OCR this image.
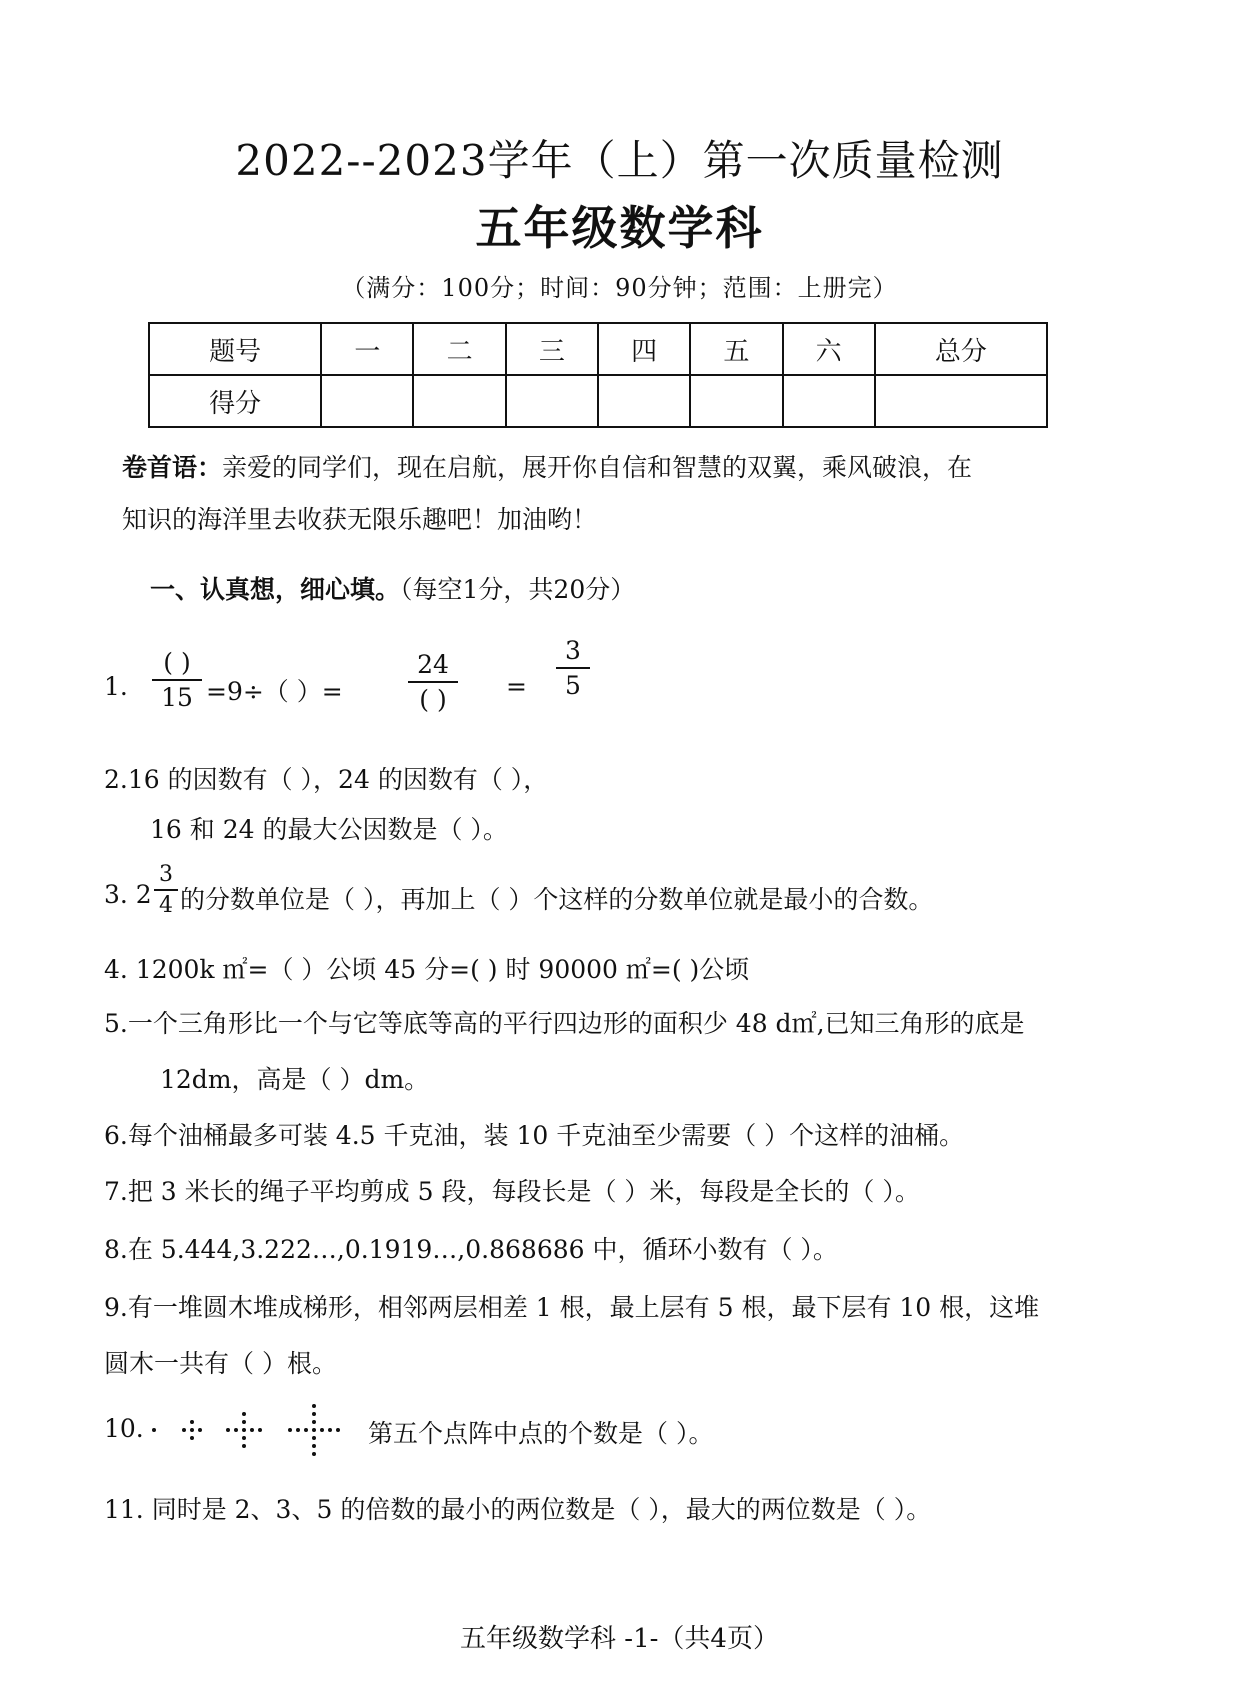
2022--2023学年（上）第一次质量检测
五年级数学科
（满分：100分；时间：90分钟；范围：上册完）
题号	一	二	三	四	五	六	总分
得分							
卷首语：亲爱的同学们，现在启航，展开你自信和智慧的双翼，乘风破浪，在
知识的海洋里去收获无限乐趣吧！加油哟！
一、认真想，细心填。（每空1分，共20分）
1.
( )
15 =9÷（ ）=
24
( )	=
3
5
2.16 的因数有（ ），24 的因数有（ ），
16 和 24 的最大公因数是（ ）。
3. 2
3
4 的分数单位是（ ），再加上（ ）个这样的分数单位就是最小的合数。
4. 1200k ㎡=（ ）公顷 45 分=( ) 时 90000 ㎡=( )公顷
5.一个三角形比一个与它等底等高的平行四边形的面积少 48 d㎡,已知三角形的底是
12dm，高是（ ）dm。
6.每个油桶最多可装 4.5 千克油，装 10 千克油至少需要（ ）个这样的油桶。
7.把 3 米长的绳子平均剪成 5 段，每段长是（ ）米，每段是全长的（ ）。
8.在 5.444,3.222…,0.1919…,0.868686 中，循环小数有（ ）。
9.有一堆圆木堆成梯形，相邻两层相差 1 根，最上层有 5 根，最下层有 10 根，这堆
圆木一共有（ ）根。
10.	第五个点阵中点的个数是（ ）。
11. 同时是 2、3、5 的倍数的最小的两位数是（ ），最大的两位数是（ ）。
五年级数学科 -1-（共4页）
